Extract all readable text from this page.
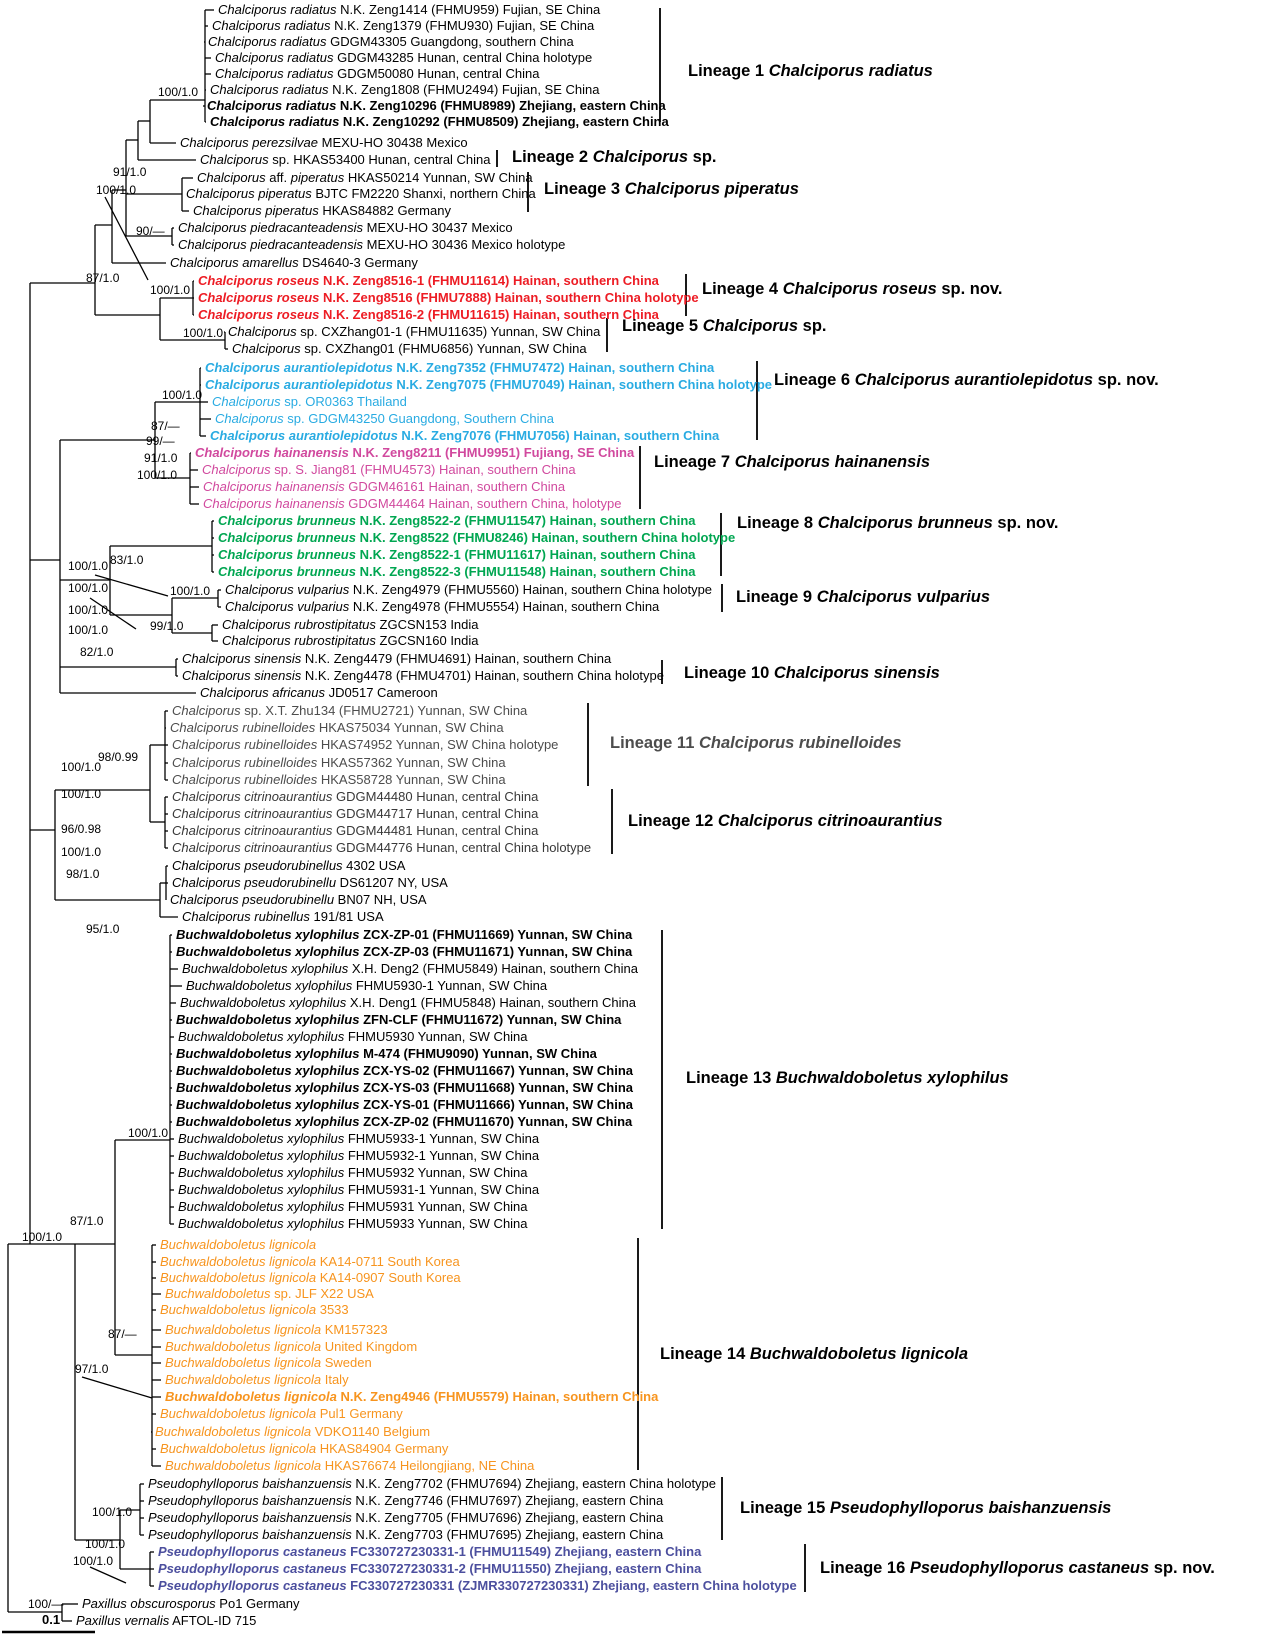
Chalciporus radiatus N.K. Zeng1414 (FHMU959) Fujian, SE China
Chalciporus radiatus N.K. Zeng1379 (FHMU930) Fujian, SE China
Chalciporus radiatus GDGM43305 Guangdong, southern China
Chalciporus radiatus GDGM43285 Hunan, central China holotype
Chalciporus radiatus GDGM50080 Hunan, central China
Chalciporus radiatus N.K. Zeng1808 (FHMU2494) Fujian, SE China
Chalciporus radiatus N.K. Zeng10296 (FHMU8989) Zhejiang, eastern China
Chalciporus radiatus N.K. Zeng10292 (FHMU8509) Zhejiang, eastern China
Chalciporus perezsilvae MEXU-HO 30438 Mexico
Chalciporus sp. HKAS53400 Hunan, central China
Chalciporus aff. piperatus HKAS50214 Yunnan, SW China
Chalciporus piperatus BJTC FM2220 Shanxi, northern China
Chalciporus piperatus HKAS84882 Germany
Chalciporus piedracanteadensis MEXU-HO 30437 Mexico
Chalciporus piedracanteadensis MEXU-HO 30436 Mexico holotype
Chalciporus amarellus DS4640-3 Germany
Chalciporus roseus N.K. Zeng8516-1 (FHMU11614) Hainan, southern China
Chalciporus roseus N.K. Zeng8516 (FHMU7888) Hainan, southern China holotype
Chalciporus roseus N.K. Zeng8516-2 (FHMU11615) Hainan, southern China
Chalciporus sp. CXZhang01-1 (FHMU11635) Yunnan, SW China
Chalciporus sp. CXZhang01 (FHMU6856) Yunnan, SW China
Chalciporus aurantiolepidotus N.K. Zeng7352 (FHMU7472) Hainan, southern China
Chalciporus aurantiolepidotus N.K. Zeng7075 (FHMU7049) Hainan, southern China holotype
Chalciporus sp. OR0363 Thailand
Chalciporus sp. GDGM43250 Guangdong, Southern China
Chalciporus aurantiolepidotus N.K. Zeng7076 (FHMU7056) Hainan, southern China
Chalciporus hainanensis N.K. Zeng8211 (FHMU9951) Fujiang, SE China
Chalciporus sp. S. Jiang81 (FHMU4573) Hainan, southern China
Chalciporus hainanensis GDGM46161 Hainan, southern China
Chalciporus hainanensis GDGM44464 Hainan, southern China, holotype
Chalciporus brunneus N.K. Zeng8522-2 (FHMU11547) Hainan, southern China
Chalciporus brunneus N.K. Zeng8522 (FHMU8246) Hainan, southern China holotype
Chalciporus brunneus N.K. Zeng8522-1 (FHMU11617) Hainan, southern China
Chalciporus brunneus N.K. Zeng8522-3 (FHMU11548) Hainan, southern China
Chalciporus vulparius N.K. Zeng4979 (FHMU5560) Hainan, southern China holotype
Chalciporus vulparius N.K. Zeng4978 (FHMU5554) Hainan, southern China
Chalciporus rubrostipitatus ZGCSN153 India
Chalciporus rubrostipitatus ZGCSN160 India
Chalciporus sinensis N.K. Zeng4479 (FHMU4691) Hainan, southern China
Chalciporus sinensis N.K. Zeng4478 (FHMU4701) Hainan, southern China holotype
Chalciporus africanus JD0517 Cameroon
Chalciporus sp. X.T. Zhu134 (FHMU2721) Yunnan, SW China
Chalciporus rubinelloides HKAS75034 Yunnan, SW China
Chalciporus rubinelloides HKAS74952 Yunnan, SW China holotype
Chalciporus rubinelloides HKAS57362 Yunnan, SW China
Chalciporus rubinelloides HKAS58728 Yunnan, SW China
Chalciporus citrinoaurantius GDGM44480 Hunan, central China
Chalciporus citrinoaurantius GDGM44717 Hunan, central China
Chalciporus citrinoaurantius GDGM44481 Hunan, central China
Chalciporus citrinoaurantius GDGM44776 Hunan, central China holotype
Chalciporus pseudorubinellus 4302 USA
Chalciporus pseudorubinellu DS61207 NY, USA
Chalciporus pseudorubinellu BN07 NH, USA
Chalciporus rubinellus 191/81 USA
Buchwaldoboletus xylophilus ZCX-ZP-01 (FHMU11669) Yunnan, SW China
Buchwaldoboletus xylophilus ZCX-ZP-03 (FHMU11671) Yunnan, SW China
Buchwaldoboletus xylophilus X.H. Deng2 (FHMU5849) Hainan, southern China
Buchwaldoboletus xylophilus FHMU5930-1 Yunnan, SW China
Buchwaldoboletus xylophilus X.H. Deng1 (FHMU5848) Hainan, southern China
Buchwaldoboletus xylophilus ZFN-CLF (FHMU11672) Yunnan, SW China
Buchwaldoboletus xylophilus FHMU5930 Yunnan, SW China
Buchwaldoboletus xylophilus M-474 (FHMU9090) Yunnan, SW China
Buchwaldoboletus xylophilus ZCX-YS-02 (FHMU11667) Yunnan, SW China
Buchwaldoboletus xylophilus ZCX-YS-03 (FHMU11668) Yunnan, SW China
Buchwaldoboletus xylophilus ZCX-YS-01 (FHMU11666) Yunnan, SW China
Buchwaldoboletus xylophilus ZCX-ZP-02 (FHMU11670) Yunnan, SW China
Buchwaldoboletus xylophilus FHMU5933-1 Yunnan, SW China
Buchwaldoboletus xylophilus FHMU5932-1 Yunnan, SW China
Buchwaldoboletus xylophilus FHMU5932 Yunnan, SW China
Buchwaldoboletus xylophilus FHMU5931-1 Yunnan, SW China
Buchwaldoboletus xylophilus FHMU5931 Yunnan, SW China
Buchwaldoboletus xylophilus FHMU5933 Yunnan, SW China
Buchwaldoboletus lignicola
Buchwaldoboletus lignicola KA14-0711 South Korea
Buchwaldoboletus lignicola KA14-0907 South Korea
Buchwaldoboletus sp. JLF X22 USA
Buchwaldoboletus lignicola 3533
Buchwaldoboletus lignicola KM157323
Buchwaldoboletus lignicola United Kingdom
Buchwaldoboletus lignicola Sweden
Buchwaldoboletus lignicola Italy
Buchwaldoboletus lignicola N.K. Zeng4946 (FHMU5579) Hainan, southern China
Buchwaldoboletus lignicola Pul1 Germany
Buchwaldoboletus lignicola VDKO1140 Belgium
Buchwaldoboletus lignicola HKAS84904 Germany
Buchwaldoboletus lignicola HKAS76674 Heilongjiang, NE China
Pseudophylloporus baishanzuensis N.K. Zeng7702 (FHMU7694) Zhejiang, eastern China holotype
Pseudophylloporus baishanzuensis N.K. Zeng7746 (FHMU7697) Zhejiang, eastern China
Pseudophylloporus baishanzuensis N.K. Zeng7705 (FHMU7696) Zhejiang, eastern China
Pseudophylloporus baishanzuensis N.K. Zeng7703 (FHMU7695) Zhejiang, eastern China
Pseudophylloporus castaneus FC330727230331-1 (FHMU11549) Zhejiang, eastern China
Pseudophylloporus castaneus FC330727230331-2 (FHMU11550) Zhejiang, eastern China
Pseudophylloporus castaneus FC330727230331 (ZJMR330727230331) Zhejiang, eastern China holotype
Paxillus obscurosporus Po1 Germany
Paxillus vernalis AFTOL-ID 715
100/1.0
91/1.0
100/1.0
90/—
87/1.0
100/1.0
100/1.0
100/1.0
87/—
99/—
91/1.0
100/1.0
83/1.0
100/1.0
100/1.0
100/1.0
100/1.0
82/1.0
100/1.0
99/1.0
98/0.99
100/1.0
100/1.0
96/0.98
100/1.0
98/1.0
95/1.0
100/1.0
87/1.0
100/1.0
87/—
97/1.0
100/1.0
100/1.0
100/1.0
100/—
Lineage 1 Chalciporus radiatus
Lineage 2 Chalciporus sp.
Lineage 3 Chalciporus piperatus
Lineage 4 Chalciporus roseus sp. nov.
Lineage 5 Chalciporus sp.
Lineage 6 Chalciporus aurantiolepidotus sp. nov.
Lineage 7 Chalciporus hainanensis
Lineage 8 Chalciporus brunneus sp. nov.
Lineage 9 Chalciporus vulparius
Lineage 10 Chalciporus sinensis
Lineage 11 Chalciporus rubinelloides
Lineage 12 Chalciporus citrinoaurantius
Lineage 13 Buchwaldoboletus xylophilus
Lineage 14 Buchwaldoboletus lignicola
Lineage 15 Pseudophylloporus baishanzuensis
Lineage 16 Pseudophylloporus castaneus sp. nov.
0.1
